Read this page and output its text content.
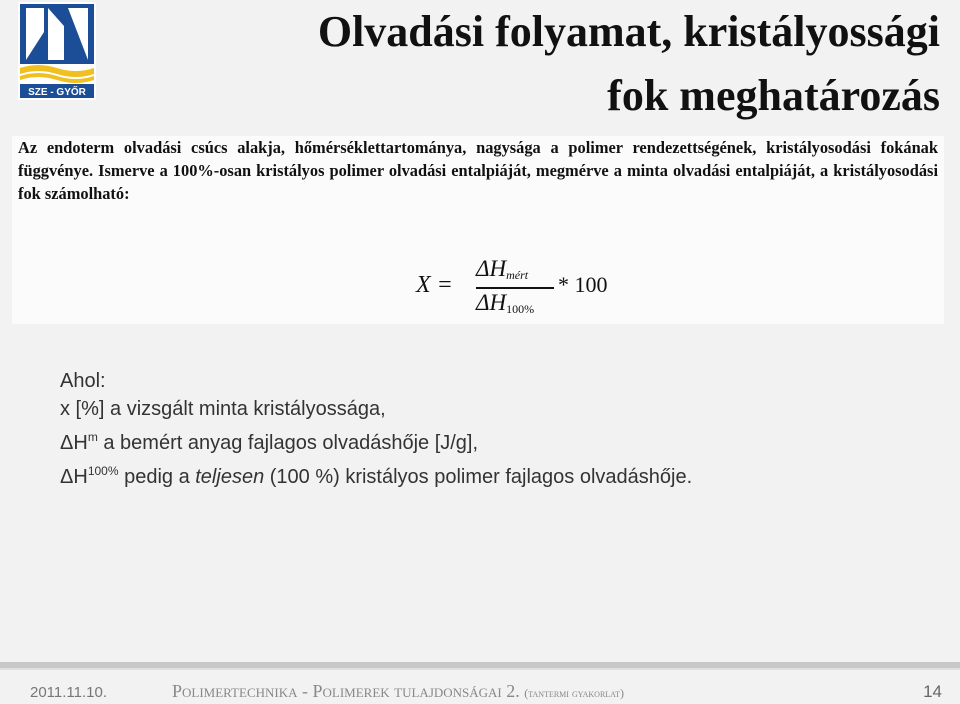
SZE - GYŐR
Olvadási folyamat, kristályossági
fok meghatározás
Az endoterm olvadási csúcs alakja, hőmérséklettartománya, nagysága a polimer rendezettségének, kristályosodási fokának függvénye. Ismerve a 100%-osan kristályos polimer olvadási entalpiáját, megmérve a minta olvadási entalpiáját, a kristályosodási fok számolható:
X =
$\Delta H_{mért}$
$\Delta H_{100\%}$
* 100
Ahol:
x [%] a vizsgált minta kristályossága,
$\Delta H^m$ a bemért anyag fajlagos olvadáshője [J/g],
$\Delta H^{100\%}$ pedig a teljesen (100 %) kristályos polimer fajlagos olvadáshője.
2011.11.10.	Polimertechnika - Polimerek tulajdonságai 2. (tantermi gyakorlat)	14
